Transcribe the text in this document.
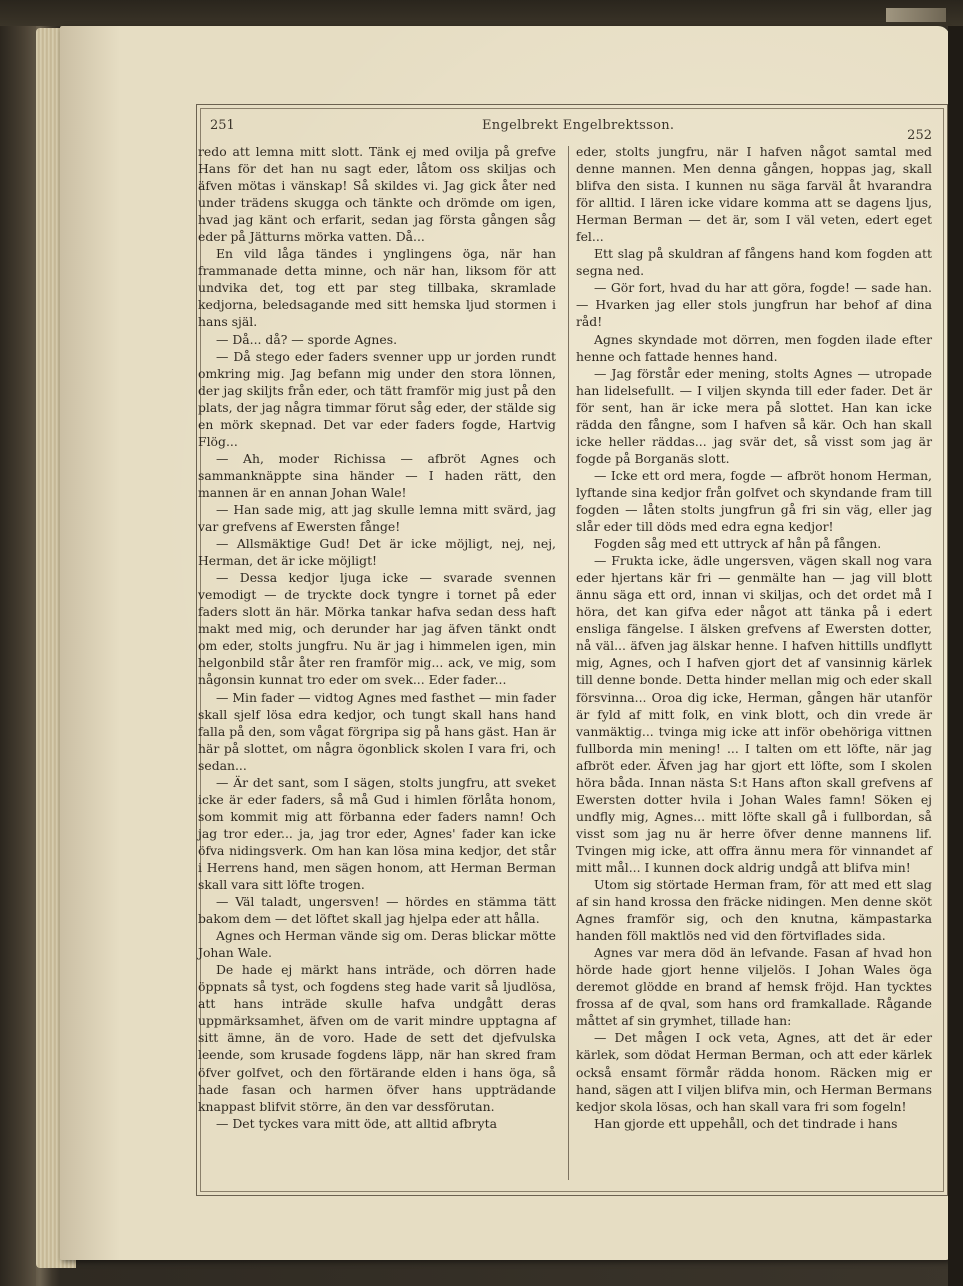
251	Engelbrekt Engelbrektsson.
252

redo att lemna mitt slott. Tänk ej med ovilja på grefve Hans för det han nu sagt eder, låtom oss skiljas och äfven mötas i vänskap! Så skildes vi. Jag gick åter ned under trädens skugga och tänkte och drömde om igen, hvad jag känt och erfarit, sedan jag första gången såg eder på Jätturns mörka vatten. Då...

En vild låga tändes i ynglingens öga, när han frammanade detta minne, och när han, liksom för att undvika det, tog ett par steg tillbaka, skramlade kedjorna, beledsagande med sitt hemska ljud stormen i hans själ.

— Då... då? — sporde Agnes.

— Då stego eder faders svenner upp ur jorden rundt omkring mig. Jag befann mig under den stora lönnen, der jag skiljts från eder, och tätt framför mig just på den plats, der jag några timmar förut såg eder, der stälde sig en mörk skepnad. Det var eder faders fogde, Hartvig Flög...

— Ah, moder Richissa — afbröt Agnes och sammanknäppte sina händer — I haden rätt, den mannen är en annan Johan Wale!

— Han sade mig, att jag skulle lemna mitt svärd, jag var grefvens af Ewersten fånge!

— Allsmäktige Gud! Det är icke möjligt, nej, nej, Herman, det är icke möjligt!

— Dessa kedjor ljuga icke — svarade svennen vemodigt — de tryckte dock tyngre i tornet på eder faders slott än här. Mörka tankar hafva sedan dess haft makt med mig, och derunder har jag äfven tänkt ondt om eder, stolts jungfru. Nu är jag i himmelen igen, min helgonbild står åter ren framför mig... ack, ve mig, som någonsin kunnat tro eder om svek... Eder fader...

— Min fader — vidtog Agnes med fasthet — min fader skall sjelf lösa edra kedjor, och tungt skall hans hand falla på den, som vågat förgripa sig på hans gäst. Han är här på slottet, om några ögonblick skolen I vara fri, och sedan...

— Är det sant, som I sägen, stolts jungfru, att sveket icke är eder faders, så må Gud i himlen förlåta honom, som kommit mig att förbanna eder faders namn! Och jag tror eder... ja, jag tror eder, Agnes' fader kan icke öfva nidingsverk. Om han kan lösa mina kedjor, det står i Herrens hand, men sägen honom, att Herman Berman skall vara sitt löfte trogen.

— Väl taladt, ungersven! — hördes en stämma tätt bakom dem — det löftet skall jag hjelpa eder att hålla.

Agnes och Herman vände sig om. Deras blickar mötte Johan Wale.

De hade ej märkt hans inträde, och dörren hade öppnats så tyst, och fogdens steg hade varit så ljudlösa, att hans inträde skulle hafva undgått deras uppmärksamhet, äfven om de varit mindre upptagna af sitt ämne, än de voro. Hade de sett det djefvulska leende, som krusade fogdens läpp, när han skred fram öfver golfvet, och den förtärande elden i hans öga, så hade fasan och harmen öfver hans uppträdande knappast blifvit större, än den var dessförutan.

— Det tyckes vara mitt öde, att alltid afbryta

eder, stolts jungfru, när I hafven något samtal med denne mannen. Men denna gången, hoppas jag, skall blifva den sista. I kunnen nu säga farväl åt hvarandra för alltid. I lären icke vidare komma att se dagens ljus, Herman Berman — det är, som I väl veten, edert eget fel...

Ett slag på skuldran af fångens hand kom fogden att segna ned.

— Gör fort, hvad du har att göra, fogde! — sade han. — Hvarken jag eller stols jungfrun har behof af dina råd!

Agnes skyndade mot dörren, men fogden ilade efter henne och fattade hennes hand.

— Jag förstår eder mening, stolts Agnes — utropade han lidelsefullt. — I viljen skynda till eder fader. Det är för sent, han är icke mera på slottet. Han kan icke rädda den fångne, som I hafven så kär. Och han skall icke heller räddas... jag svär det, så visst som jag är fogde på Borganäs slott.

— Icke ett ord mera, fogde — afbröt honom Herman, lyftande sina kedjor från golfvet och skyndande fram till fogden — låten stolts jungfrun gå fri sin väg, eller jag slår eder till döds med edra egna kedjor!

Fogden såg med ett uttryck af hån på fången.

— Frukta icke, ädle ungersven, vägen skall nog vara eder hjertans kär fri — genmälte han — jag vill blott ännu säga ett ord, innan vi skiljas, och det ordet må I höra, det kan gifva eder något att tänka på i edert ensliga fängelse. I älsken grefvens af Ewersten dotter, nå väl... äfven jag älskar henne. I hafven hittills undflytt mig, Agnes, och I hafven gjort det af vansinnig kärlek till denne bonde. Detta hinder mellan mig och eder skall försvinna... Oroa dig icke, Herman, gången här utanför är fyld af mitt folk, en vink blott, och din vrede är vanmäktig... tvinga mig icke att inför obehöriga vittnen fullborda min mening! ... I talten om ett löfte, när jag afbröt eder. Äfven jag har gjort ett löfte, som I skolen höra båda. Innan nästa S:t Hans afton skall grefvens af Ewersten dotter hvila i Johan Wales famn! Söken ej undfly mig, Agnes... mitt löfte skall gå i fullbordan, så visst som jag nu är herre öfver denne mannens lif. Tvingen mig icke, att offra ännu mera för vinnandet af mitt mål... I kunnen dock aldrig undgå att blifva min!

Utom sig störtade Herman fram, för att med ett slag af sin hand krossa den fräcke nidingen. Men denne sköt Agnes framför sig, och den knutna, kämpastarka handen föll maktlös ned vid den förtviflades sida.

Agnes var mera död än lefvande. Fasan af hvad hon hörde hade gjort henne viljelös. I Johan Wales öga deremot glödde en brand af hemsk fröjd. Han tycktes frossa af de qval, som hans ord framkallade. Rågande måttet af sin grymhet, tillade han:

— Det mågen I ock veta, Agnes, att det är eder kärlek, som dödat Herman Berman, och att eder kärlek också ensamt förmår rädda honom. Räcken mig er hand, sägen att I viljen blifva min, och Herman Bermans kedjor skola lösas, och han skall vara fri som fogeln!

Han gjorde ett uppehåll, och det tindrade i hans
